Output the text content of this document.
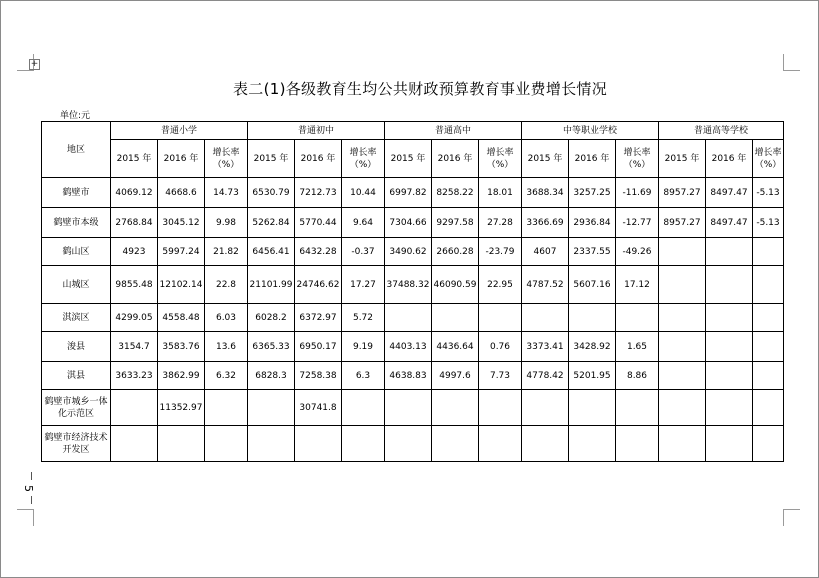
+
表二(1)各级教育生均公共财政预算教育事业费增长情况
单位:元
地区	普通小学			普通初中			普通高中			中等职业学校			普通高等学校		
	2015 年	2016 年	增长率（%）	2015 年	2016 年	增长率（%）	2015 年	2016 年	增长率（%）	2015 年	2016 年	增长率（%）	2015 年	2016 年	增长率（%）
鹤壁市	4069.12	4668.6	14.73	6530.79	7212.73	10.44	6997.82	8258.22	18.01	3688.34	3257.25	-11.69	8957.27	8497.47	-5.13
鹤壁市本级	2768.84	3045.12	9.98	5262.84	5770.44	9.64	7304.66	9297.58	27.28	3366.69	2936.84	-12.77	8957.27	8497.47	-5.13
鹤山区	4923	5997.24	21.82	6456.41	6432.28	-0.37	3490.62	2660.28	-23.79	4607	2337.55	-49.26			
山城区	9855.48	12102.14	22.8	21101.99	24746.62	17.27	37488.32	46090.59	22.95	4787.52	5607.16	17.12			
淇滨区	4299.05	4558.48	6.03	6028.2	6372.97	5.72									
浚县	3154.7	3583.76	13.6	6365.33	6950.17	9.19	4403.13	4436.64	0.76	3373.41	3428.92	1.65			
淇县	3633.23	3862.99	6.32	6828.3	7258.38	6.3	4638.83	4997.6	7.73	4778.42	5201.95	8.86			
鹤壁市城乡一体化示范区		11352.97			30741.8										
鹤壁市经济技术开发区															
5
